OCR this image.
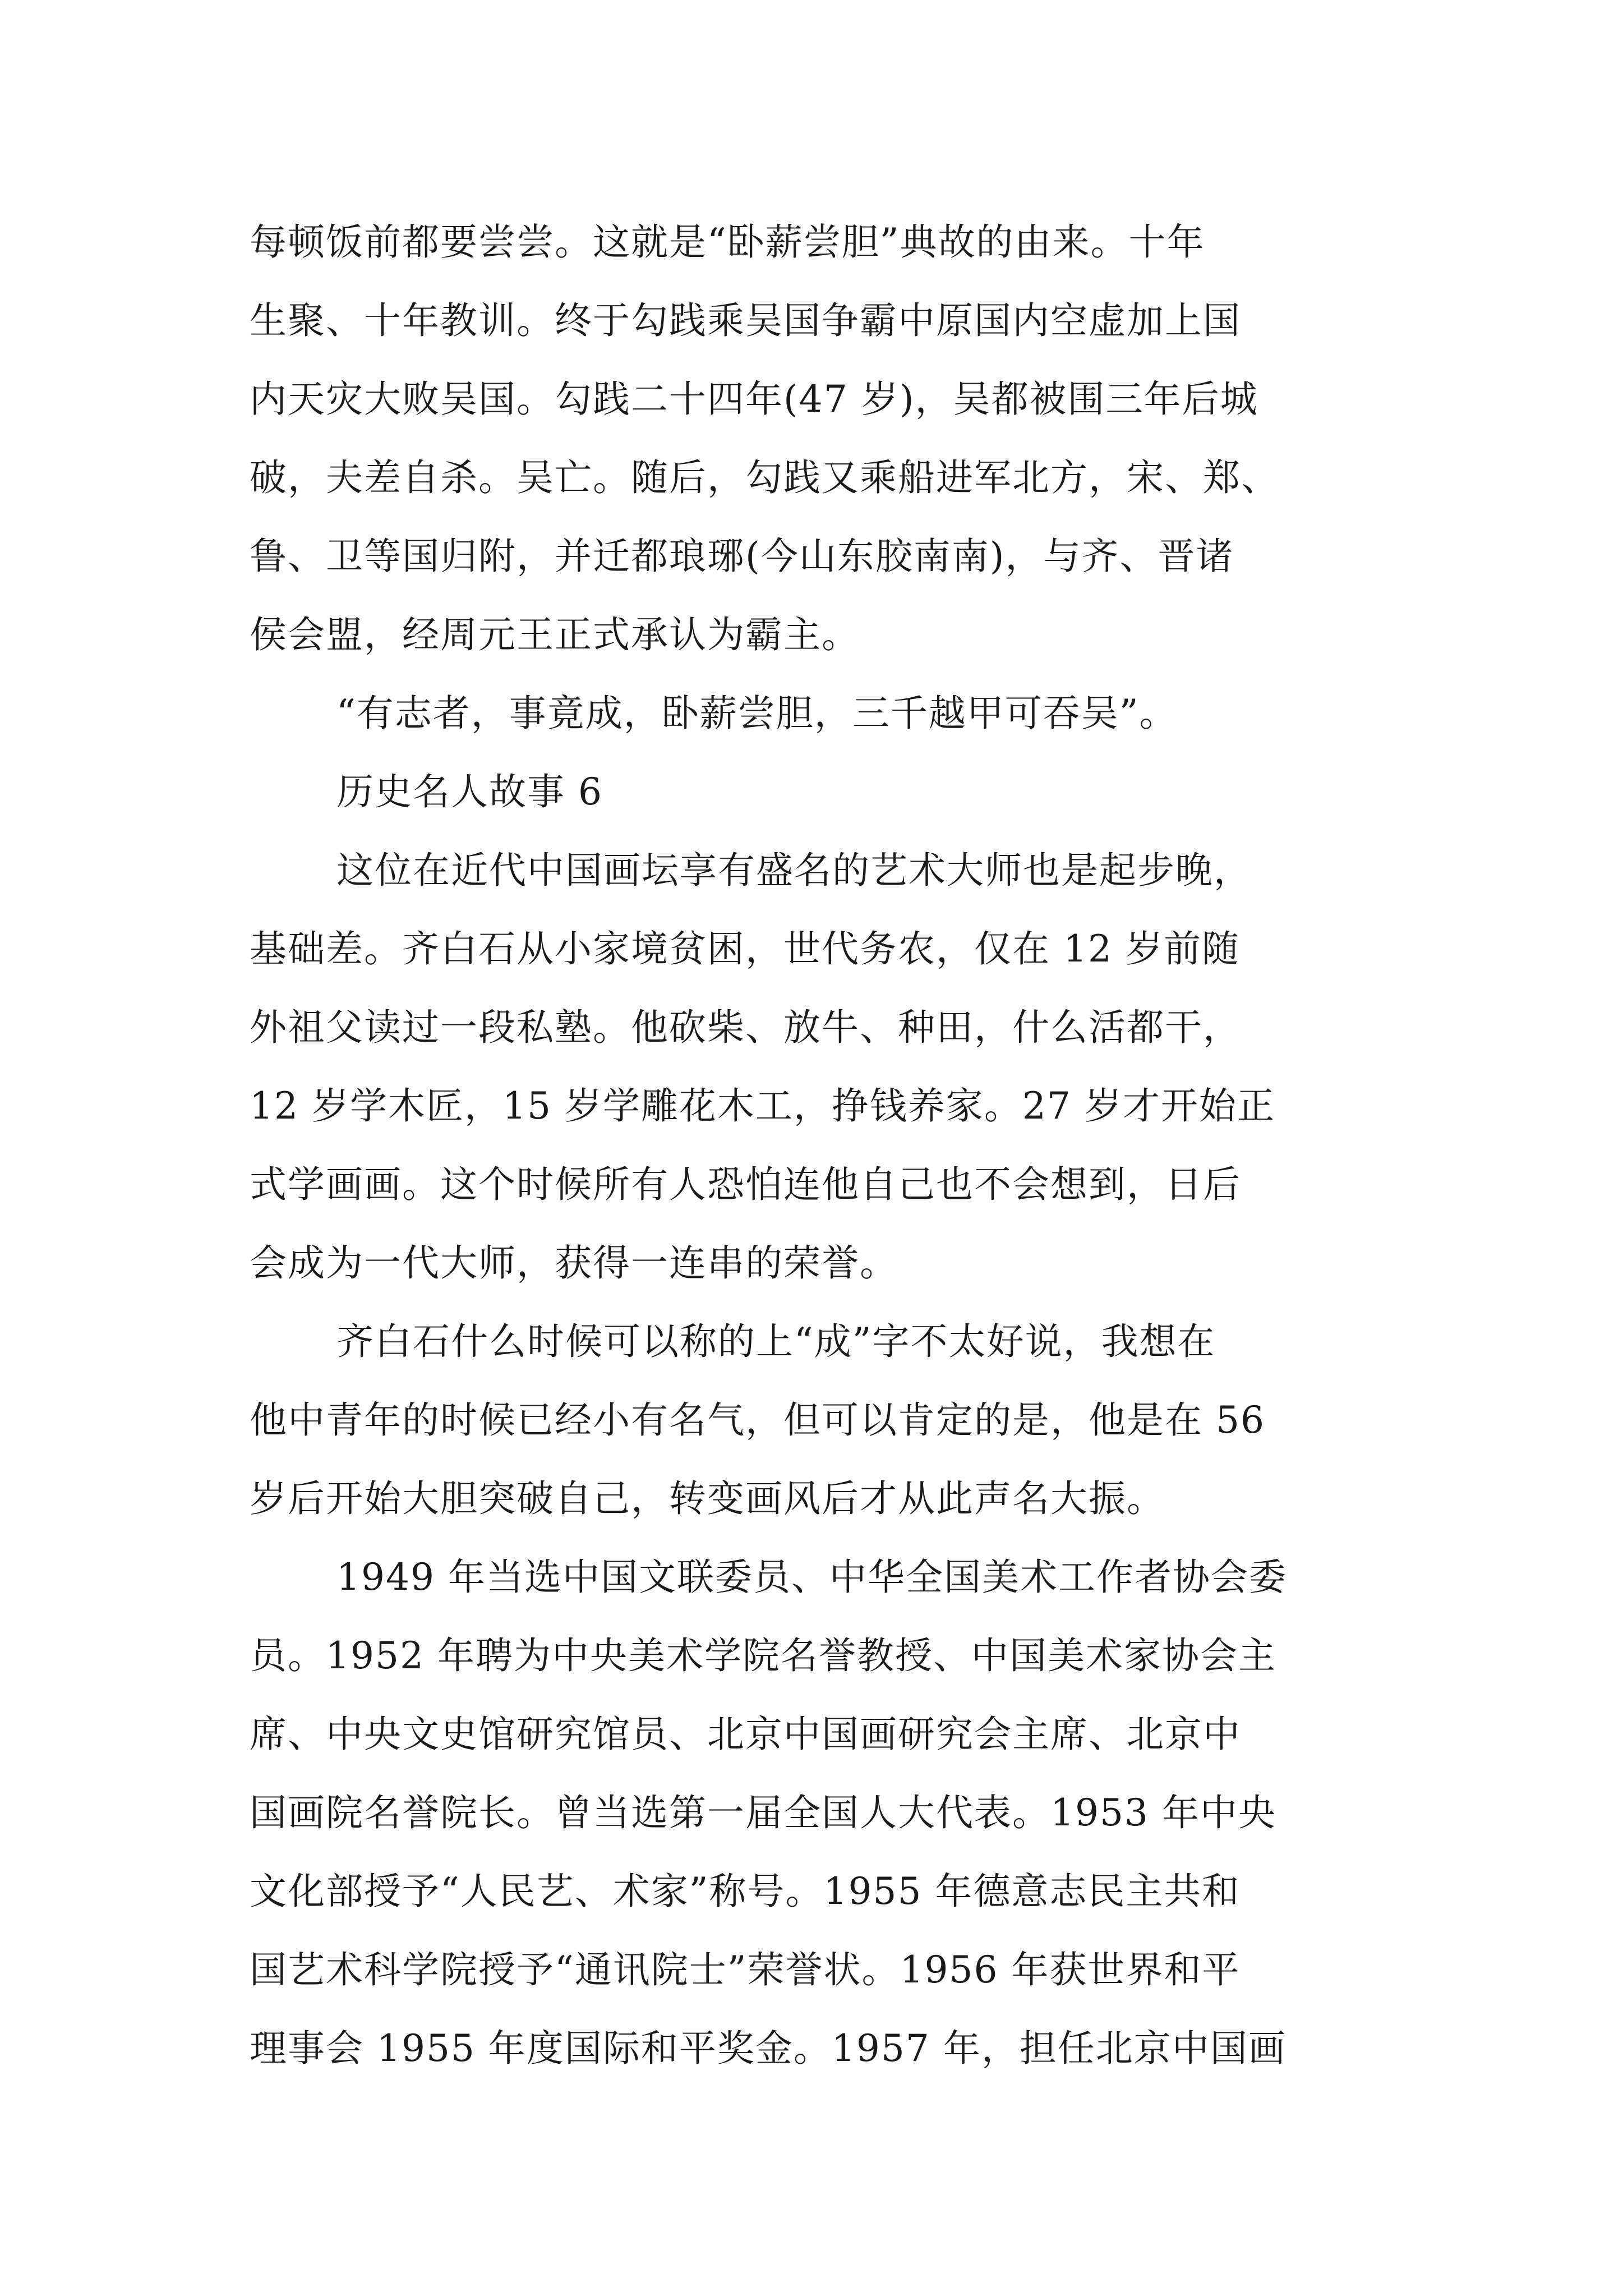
每顿饭前都要尝尝。这就是“卧薪尝胆”典故的由来。十年
生聚、十年教训。终于勾践乘吴国争霸中原国内空虚加上国
内天灾大败吴国。勾践二十四年(47 岁)，吴都被围三年后城
破，夫差自杀。吴亡。随后，勾践又乘船进军北方，宋、郑、
鲁、卫等国归附，并迁都琅琊(今山东胶南南)，与齐、晋诸
侯会盟，经周元王正式承认为霸主。
“有志者，事竟成，卧薪尝胆，三千越甲可吞吴”。
历史名人故事 6
这位在近代中国画坛享有盛名的艺术大师也是起步晚，
基础差。齐白石从小家境贫困，世代务农，仅在 12 岁前随
外祖父读过一段私塾。他砍柴、放牛、种田，什么活都干，
12 岁学木匠，15 岁学雕花木工，挣钱养家。27 岁才开始正
式学画画。这个时候所有人恐怕连他自己也不会想到，日后
会成为一代大师，获得一连串的荣誉。
齐白石什么时候可以称的上“成”字不太好说，我想在
他中青年的时候已经小有名气，但可以肯定的是，他是在 56
岁后开始大胆突破自己，转变画风后才从此声名大振。
1949 年当选中国文联委员、中华全国美术工作者协会委
员。1952 年聘为中央美术学院名誉教授、中国美术家协会主
席、中央文史馆研究馆员、北京中国画研究会主席、北京中
国画院名誉院长。曾当选第一届全国人大代表。1953 年中央
文化部授予“人民艺、术家”称号。1955 年德意志民主共和
国艺术科学院授予“通讯院士”荣誉状。1956 年获世界和平
理事会 1955 年度国际和平奖金。1957 年，担任北京中国画
